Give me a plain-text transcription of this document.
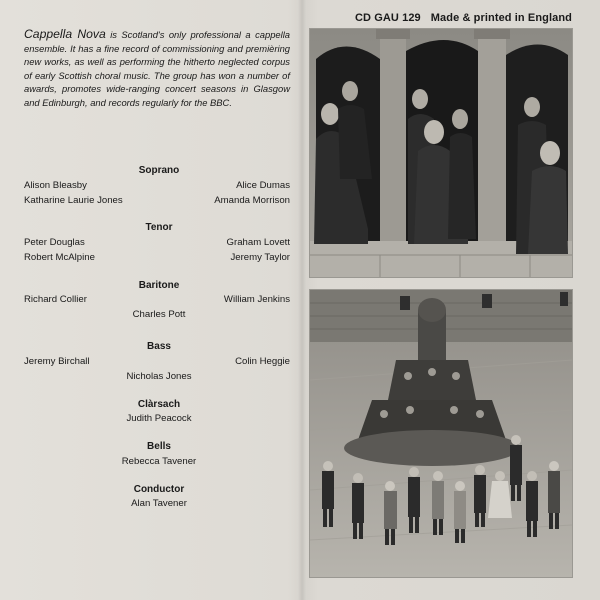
CD GAU 129 Made & printed in England
Cappella Nova is Scotland's only professional a cappella ensemble. It has a fine record of commissioning and premièring new works, as well as performing the hitherto neglected corpus of early Scottish choral music. The group has won a number of awards, promotes wide-ranging concert seasons in Glasgow and Edinburgh, and records regularly for the BBC.
Soprano
Alison Bleasby	Alice Dumas
Katharine Laurie Jones	Amanda Morrison
Tenor
Peter Douglas	Graham Lovett
Robert McAlpine	Jeremy Taylor
Baritone
Richard Collier	William Jenkins
Charles Pott
Bass
Jeremy Birchall	Colin Heggie
Nicholas Jones
Clàrsach
Judith Peacock
Bells
Rebecca Tavener
Conductor
Alan Tavener
